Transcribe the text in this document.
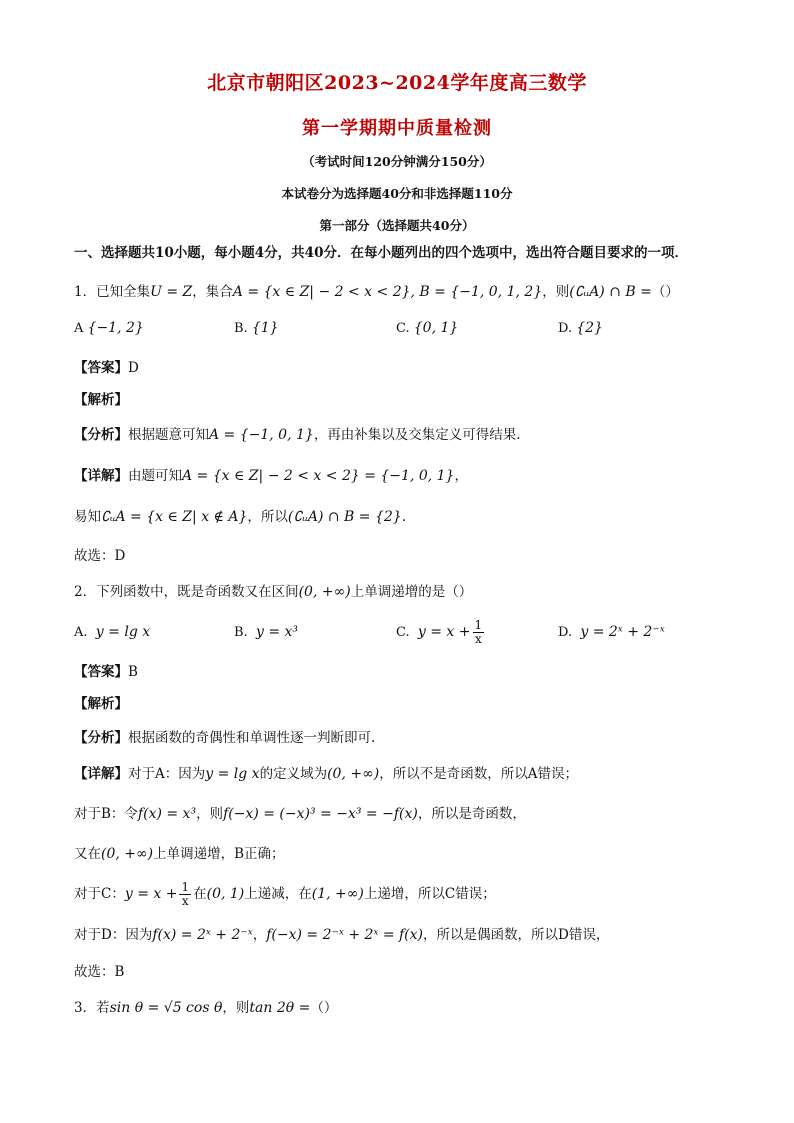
北京市朝阳区2023~2024学年度高三数学
第一学期期中质量检测
（考试时间120分钟满分150分）
本试卷分为选择题40分和非选择题110分
第一部分（选择题共40分）
一、选择题共10小题，每小题4分，共40分．在每小题列出的四个选项中，选出符合题目要求的一项．
1．已知全集U = Z，集合A = {x ∈ Z| − 2 < x < 2}, B = {−1, 0, 1, 2}，则(∁ᵤA) ∩ B =（）
A {−1, 2}	B. {1}	C. {0, 1}	D. {2}
【答案】D
【解析】
【分析】根据题意可知A = {−1, 0, 1}，再由补集以及交集定义可得结果.
【详解】由题可知A = {x ∈ Z| − 2 < x < 2} = {−1, 0, 1}，
易知∁ᵤA = {x ∈ Z| x ∉ A}，所以(∁ᵤA) ∩ B = {2}.
故选：D
2．下列函数中，既是奇函数又在区间(0, +∞)上单调递增的是（）
A. y = lg x	B. y = x³	C. $y = x + \frac{1}{x}$	D. y = 2ˣ + 2⁻ˣ
【答案】B
【解析】
【分析】根据函数的奇偶性和单调性逐一判断即可.
【详解】对于A：因为y = lg x的定义域为(0, +∞)，所以不是奇函数，所以A错误；
对于B：令f(x) = x³，则f(−x) = (−x)³ = −x³ = −f(x)，所以是奇函数，
又在(0, +∞)上单调递增，B正确；
对于C：$y = x + \frac{1}{x}$ 在(0, 1)上递减，在(1, +∞)上递增，所以C错误；
对于D：因为f(x) = 2ˣ + 2⁻ˣ，f(−x) = 2⁻ˣ + 2ˣ = f(x)，所以是偶函数，所以D错误，
故选：B
3．若sin θ = √5 cos θ，则tan 2θ =（）
